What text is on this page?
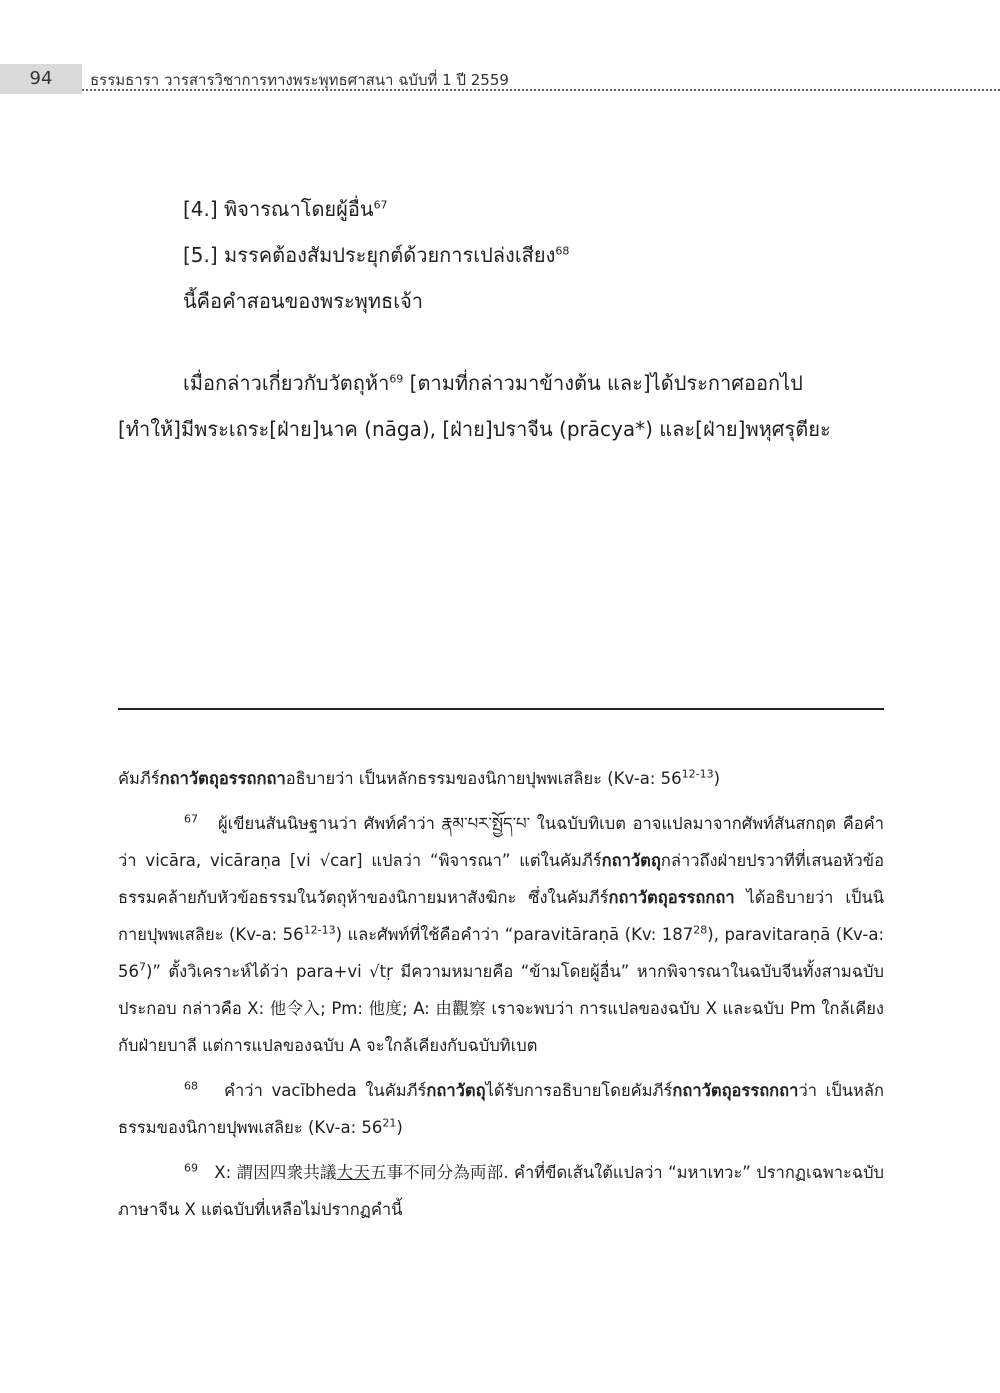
94	ธรรมธารา วารสารวิชาการทางพระพุทธศาสนา ฉบับที่ 1 ปี 2559
[4.] พิจารณาโดยผู้อื่น$^{67}$
[5.] มรรคต้องสัมประยุกต์ด้วยการเปล่งเสียง$^{68}$
นี้คือคำสอนของพระพุทธเจ้า
เมื่อกล่าวเกี่ยวกับวัตถุห้า$^{69}$ [ตามที่กล่าวมาข้างต้น และ]ได้ประกาศออกไป
[ทำให้]มีพระเถระ[ฝ่าย]นาค (nāga), [ฝ่าย]ปราจีน (prācya*) และ[ฝ่าย]พหุศรุตียะ

คัมภีร์กถาวัตถุอรรถกถาอธิบายว่า เป็นหลักธรรมของนิกายปุพพเสลิยะ (Kv-a: 56$^{12-13}$)

$^{67}$ ผู้เขียนสันนิษฐานว่า ศัพท์คำว่า རྣམ་པར་སྤྱོད་པ་ ในฉบับทิเบต อาจแปลมาจากศัพท์สันสกฤต คือคำว่า vicāra, vicāraṇa [vi √car] แปลว่า “พิจารณา” แต่ในคัมภีร์กถาวัตถุกล่าวถึงฝ่ายปรวาทีที่เสนอหัวข้อธรรมคล้ายกับหัวข้อธรรมในวัตถุห้าของนิกายมหาสังฆิกะ ซึ่งในคัมภีร์กถาวัตถุอรรถกถา ได้อธิบายว่า เป็นนิกายปุพพเสลิยะ (Kv-a: 56$^{12-13}$) และศัพท์ที่ใช้คือคำว่า “paravitāraṇā (Kv: 187$^{28}$), paravitaraṇā (Kv-a: 56$^7$)” ตั้งวิเคราะห์ได้ว่า para+vi √tṛ มีความหมายคือ “ข้ามโดยผู้อื่น” หากพิจารณาในฉบับจีนทั้งสามฉบับประกอบ กล่าวคือ X: 他令入; Pm: 他度; A: 由觀察 เราจะพบว่า การแปลของฉบับ X และฉบับ Pm ใกล้เคียงกับฝ่ายบาลี แต่การแปลของฉบับ A จะใกล้เคียงกับฉบับทิเบต

$^{68}$ คำว่า vacībheda ในคัมภีร์กถาวัตถุได้รับการอธิบายโดยคัมภีร์กถาวัตถุอรรถกถาว่า เป็นหลักธรรมของนิกายปุพพเสลิยะ (Kv-a: 56$^{21}$)

$^{69}$ X: 謂因四衆共議大天五事不同分為両部. คำที่ขีดเส้นใต้แปลว่า “มหาเทวะ” ปรากฏเฉพาะฉบับภาษาจีน X แต่ฉบับที่เหลือไม่ปรากฏคำนี้
